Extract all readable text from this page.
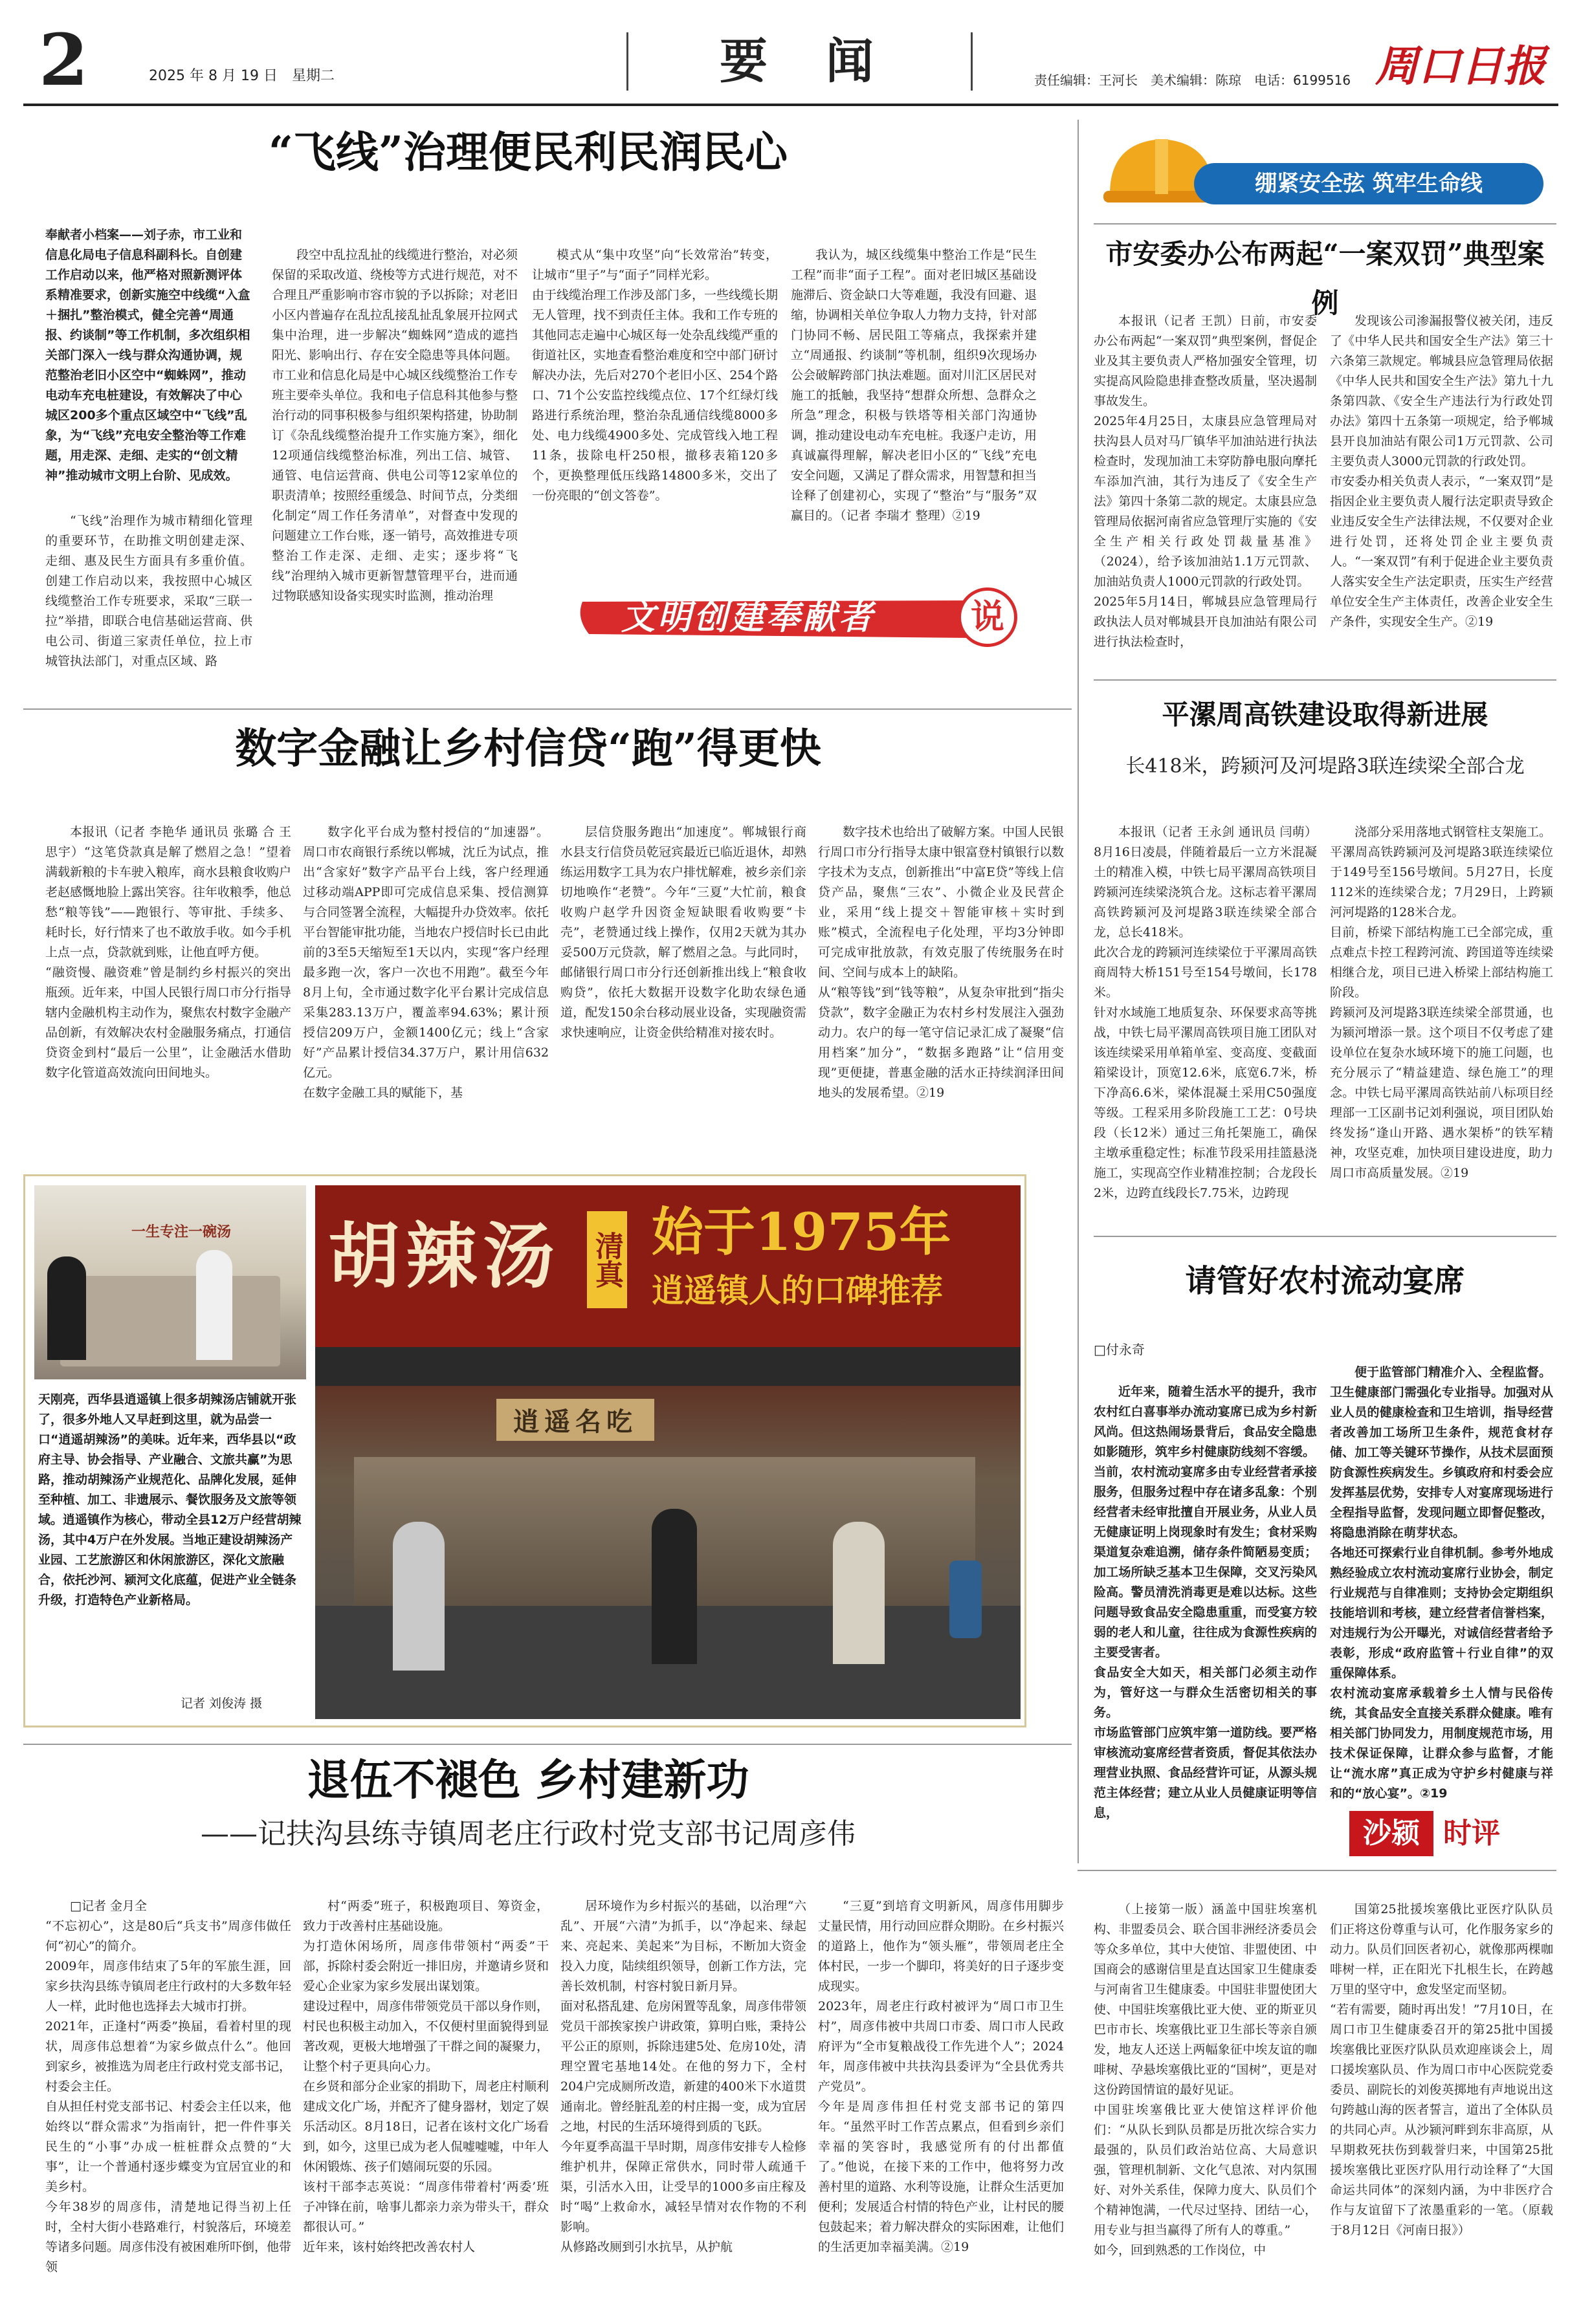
2	2025 年 8 月 19 日　星期二	要　闻	责任编辑：王河长　美术编辑：陈琼　电话：6199516 周口日报
“飞线”治理便民利民润民心
奉献者小档案——刘子赤，市工业和信息化局电子信息科副科长。自创建工作启动以来，他严格对照新测评体系精准要求，创新实施空中线缆“入盒＋捆扎”整治模式，健全完善“周通报、约谈制”等工作机制，多次组织相关部门深入一线与群众沟通协调，规范整治老旧小区空中“蜘蛛网”，推动电动车充电桩建设，有效解决了中心城区200多个重点区域空中“飞线”乱象，为“飞线”充电安全整治等工作难题，用走深、走细、走实的“创文精神”推动城市文明上台阶、见成效。

“飞线”治理作为城市精细化管理的重要环节，在助推文明创建走深、走细、惠及民生方面具有多重价值。创建工作启动以来，我按照中心城区线缆整治工作专班要求，采取“三联一拉”举措，即联合电信基础运营商、供电公司、街道三家责任单位，拉上市城管执法部门，对重点区域、路

段空中乱拉乱扯的线缆进行整治，对必须保留的采取改道、绕梭等方式进行规范，对不合理且严重影响市容市貌的予以拆除；对老旧小区内普遍存在乱拉乱接乱扯乱象展开拉网式集中治理，进一步解决“蜘蛛网”造成的遮挡阳光、影响出行、存在安全隐患等具体问题。
市工业和信息化局是中心城区线缆整治工作专班主要牵头单位。我和电子信息科其他参与整治行动的同事积极参与组织架构搭建，协助制订《杂乱线缆整治提升工作实施方案》，细化12项通信线缆整治标准，列出工信、城管、通管、电信运营商、供电公司等12家单位的职责清单；按照经重缓急、时间节点，分类细化制定“周工作任务清单”，对督查中发现的问题建立工作台账，逐一销号，高效推进专项整治工作走深、走细、走实；逐步将“飞线”治理纳入城市更新智慧管理平台，进而通过物联感知设备实现实时监测，推动治理

模式从“集中攻坚”向“长效常治”转变，让城市“里子”与“面子”同样光彩。
由于线缆治理工作涉及部门多，一些线缆长期无人管理，找不到责任主体。我和工作专班的其他同志走遍中心城区每一处杂乱线缆严重的街道社区，实地查看整治难度和空中部门研讨解决办法，先后对270个老旧小区、254个路口、71个公安监控线缆点位、17个红绿灯线路进行系统治理，整治杂乱通信线缆8000多处、电力线缆4900多处、完成管线入地工程11条，拔除电杆250根，撤移表箱120多个，更换整理低压线路14800多米，交出了一份亮眼的“创文答卷”。

我认为，城区线缆集中整治工作是“民生工程”而非“面子工程”。面对老旧城区基础设施滞后、资金缺口大等难题，我没有回避、退缩，协调相关单位争取人力物力支持，针对部门协同不畅、居民阻工等痛点，我探索并建立“周通报、约谈制”等机制，组织9次现场办公会破解跨部门执法难题。面对川汇区居民对施工的抵触，我坚持“想群众所想、急群众之所急”理念，积极与铁塔等相关部门沟通协调，推动建设电动车充电桩。我逐户走访，用真诚赢得理解，解决老旧小区的“飞线”充电安全问题，又满足了群众需求，用智慧和担当诠释了创建初心，实现了“整治”与“服务”双赢目的。（记者 李瑞才 整理）②19

文明创建奉献者	说
数字金融让乡村信贷“跑”得更快

本报讯（记者 李艳华 通讯员 张璐 合 王思宇）“这笔贷款真是解了燃眉之急！”望着满载新粮的卡车驶入粮库，商水县粮食收购户老赵感慨地脸上露出笑容。往年收粮季，他总愁“粮等钱”——跑银行、等审批、手续多、耗时长，好行情来了也不敢放手收。如今手机上点一点，贷款就到账，让他直呼方便。
“融资慢、融资难”曾是制约乡村振兴的突出瓶颈。近年来，中国人民银行周口市分行指导辖内金融机构主动作为，聚焦农村数字金融产品创新，有效解决农村金融服务痛点，打通信贷资金到村“最后一公里”，让金融活水借助数字化管道高效流向田间地头。

数字化平台成为整村授信的“加速器”。周口市农商银行系统以郸城，沈丘为试点，推出“含家好”数字产品平台上线，客户经理通过移动端APP即可完成信息采集、授信测算与合同签署全流程，大幅提升办贷效率。依托平台智能审批功能，当地农户授信时长已由此前的3至5天缩短至1天以内，实现“客户经理最多跑一次，客户一次也不用跑”。截至今年8月上旬，全市通过数字化平台累计完成信息采集283.13万户，覆盖率94.63%；累计预授信209万户，金额1400亿元；线上“含家好”产品累计授信34.37万户，累计用信632亿元。
在数字金融工具的赋能下，基

层信贷服务跑出“加速度”。郸城银行商水县支行信贷员乾冠宾最近已临近退休，却熟练运用数字工具为农户排忧解难，被乡亲们亲切地唤作“老赞”。今年“三夏”大忙前，粮食收购户赵学升因资金短缺眼看收购要“卡壳”，老赞通过线上操作，仅用2天就为其办妥500万元贷款，解了燃眉之急。与此同时，邮储银行周口市分行还创新推出线上“粮食收购贷”，依托大数据开设数字化助农绿色通道，配发150余台移动展业设备，实现融资需求快速响应，让资金供给精准对接农时。

数字技术也给出了破解方案。中国人民银行周口市分行指导太康中银富登村镇银行以数字技术为支点，创新推出“中富E贷”等线上信贷产品，聚焦“三农”、小微企业及民营企业，采用“线上提交＋智能审核＋实时到账”模式，全流程电子化处理，平均3分钟即可完成审批放款，有效克服了传统服务在时间、空间与成本上的缺陷。
从“粮等钱”到“钱等粮”，从复杂审批到“指尖贷款”，数字金融正为农村乡村发展注入强劲动力。农户的每一笔守信记录汇成了凝聚“信用档案”加分”，“数据多跑路”让“信用变现”更便捷，普惠金融的活水正持续润泽田间地头的发展希望。②19

一生专注一碗汤
天刚亮，西华县逍遥镇上很多胡辣汤店铺就开张了，很多外地人又早赶到这里，就为品尝一口“逍遥胡辣汤”的美味。近年来，西华县以“政府主导、协会指导、产业融合、文旅共赢”为思路，推动胡辣汤产业规范化、品牌化发展，延伸至种植、加工、非遗展示、餐饮服务及文旅等领域。逍遥镇作为核心，带动全县12万户经营胡辣汤，其中4万户在外发展。当地正建设胡辣汤产业园、工艺旅游区和休闲旅游区，深化文旅融合，依托沙河、颍河文化底蕴，促进产业全链条升级，打造特色产业新格局。
记者 刘俊涛 摄
胡辣汤 清真 始于1975年
逍遥镇人的口碑推荐
逍遥名吃
退伍不褪色 乡村建新功
——记扶沟县练寺镇周老庄行政村党支部书记周彦伟

□记者 金月全
“不忘初心”，这是80后“兵支书”周彦伟做任何“初心”的简介。
2009年，周彦伟结束了5年的军旅生涯，回家乡扶沟县练寺镇周老庄行政村的大多数年轻人一样，此时他也选择去大城市打拼。
2021年，正逢村“两委”换届，看着村里的现状，周彦伟总想着“为家乡做点什么”。他回到家乡，被推选为周老庄行政村党支部书记，村委会主任。
自从担任村党支部书记、村委会主任以来，他始终以“群众需求”为指南针，把一件件事关民生的“小事”办成一桩桩群众点赞的“大事”，让一个普通村逐步蝶变为宜居宜业的和美乡村。
今年38岁的周彦伟，清楚地记得当初上任时，全村大街小巷路难行，村貌落后，环境差等诸多问题。周彦伟没有被困难所吓倒，他带领

村“两委”班子，积极跑项目、筹资金，致力于改善村庄基础设施。
为打造休闲场所，周彦伟带领村“两委”干部，拆除村委会附近一排旧房，并邀请乡贤和爱心企业家为家乡发展出谋划策。
建设过程中，周彦伟带领党员干部以身作则，村民也积极主动加入，不仅便村里面貌得到显著改观，更极大地增强了干群之间的凝聚力，让整个村子更具向心力。
在乡贤和部分企业家的捐助下，周老庄村顺利建成文化广场，并配齐了健身器材，划定了娱乐活动区。8月18日，记者在该村文化广场看到，如今，这里已成为老人侃嘘嘘嘘，中年人休闲锻炼、孩子们嬉闹玩耍的乐园。
该村干部李志英说：“周彦伟带着村‘两委’班子冲锋在前，啥事儿都亲力亲为带头干，群众都很认可。”
近年来，该村始终把改善农村人

居环境作为乡村振兴的基础，以治理“六乱”、开展“六清”为抓手，以“净起来、绿起来、亮起来、美起来”为目标，不断加大资金投入力度，陆续组织领导，创新工作方法，完善长效机制，村容村貌日新月异。
面对私搭乱建、危房闲置等乱象，周彦伟带领党员干部挨家挨户讲政策，算明白账，秉持公平公正的原则，拆除违建5处、危房10处，清理空置宅基地14处。在他的努力下，全村204户完成厕所改造，新建的400米下水道贯通南北。曾经脏乱差的村庄揭一变，成为宜居之地，村民的生活环境得到质的飞跃。
今年夏季高温干旱时期，周彦伟安排专人检修维护机井，保障正常供水，同时带人疏通千渠，引活水入田，让受旱的1000多亩庄稼及时“喝”上救命水，减轻旱情对农作物的不利影响。
从修路改厕到引水抗旱，从护航

“三夏”到培育文明新风，周彦伟用脚步丈量民情，用行动回应群众期盼。在乡村振兴的道路上，他作为“领头雁”，带领周老庄全体村民，一步一个脚印，将美好的日子逐步变成现实。
2023年，周老庄行政村被评为“周口市卫生村”，周彦伟被中共周口市委、周口市人民政府评为“全市复粮战役工作先进个人”；2024年，周彦伟被中共扶沟县委评为“全县优秀共产党员”。
今年是周彦伟担任村党支部书记的第四年。“虽然平时工作苦点累点，但看到乡亲们幸福的笑容时，我感觉所有的付出都值了。”他说，在接下来的工作中，他将努力改善村里的道路、水利等设施，让群众生活更加便利；发展适合村情的特色产业，让村民的腰包鼓起来；着力解决群众的实际困难，让他们的生活更加幸福美满。②19

绷紧安全弦 筑牢生命线
市安委办公布两起“一案双罚”典型案例

本报讯（记者 王凯）日前，市安委办公布两起“一案双罚”典型案例，督促企业及其主要负责人严格加强安全管理，切实提高风险隐患排查整改质量，坚决遏制事故发生。
2025年4月25日，太康县应急管理局对扶沟县人员对马厂镇华平加油站进行执法检查时，发现加油工未穿防静电服向摩托车添加汽油，其行为违反了《安全生产法》第四十条第二款的规定。太康县应急管理局依据河南省应急管理厅实施的《安全生产相关行政处罚裁量基准》（2024），给予该加油站1.1万元罚款、加油站负责人1000元罚款的行政处罚。
2025年5月14日，郸城县应急管理局行政执法人员对郸城县开良加油站有限公司进行执法检查时，

发现该公司渗漏报警仪被关闭，违反了《中华人民共和国安全生产法》第三十六条第三款规定。郸城县应急管理局依据《中华人民共和国安全生产法》第九十九条第四款、《安全生产违法行为行政处罚办法》第四十五条第一项规定，给予郸城县开良加油站有限公司1万元罚款、公司主要负责人3000元罚款的行政处罚。
市安委办相关负责人表示，“一案双罚”是指因企业主要负责人履行法定职责导致企业违反安全生产法律法规，不仅要对企业进行处罚，还将处罚企业主要负责人。“一案双罚”有利于促进企业主要负责人落实安全生产法定职责，压实生产经营单位安全生产主体责任，改善企业安全生产条件，实现安全生产。②19

平漯周高铁建设取得新进展
长418米，跨颍河及河堤路3联连续梁全部合龙

本报讯（记者 王永剑 通讯员 闫萌）8月16日凌晨，伴随着最后一立方米混凝土的精准入模，中铁七局平漯周高铁项目跨颍河连续梁浇筑合龙。这标志着平漯周高铁跨颍河及河堤路3联连续梁全部合龙，总长418米。
此次合龙的跨颍河连续梁位于平漯周高铁商周特大桥151号至154号墩间，长178米。
针对水域施工地质复杂、环保要求高等挑战，中铁七局平漯周高铁项目施工团队对该连续梁采用单箱单室、变高度、变截面箱梁设计，顶宽12.6米，底宽6.7米，桥下净高6.6米，梁体混凝土采用C50强度等级。工程采用多阶段施工工艺：0号块段（长12米）通过三角托架施工，确保主墩承重稳定性；标准节段采用挂篮悬浇施工，实现高空作业精准控制；合龙段长2米，边跨直线段长7.75米，边跨现

浇部分采用落地式钢管柱支架施工。
平漯周高铁跨颍河及河堤路3联连续梁位于149号至156号墩间。5月27日，长度112米的连续梁合龙；7月29日，上跨颍河河堤路的128米合龙。
目前，桥梁下部结构施工已全部完成，重点难点卡控工程跨河流、跨国道等连续梁相继合龙，项目已进入桥梁上部结构施工阶段。
跨颍河及河堤路3联连续梁全部贯通，也为颍河增添一景。这个项目不仅考虑了建设单位在复杂水域环境下的施工问题，也充分展示了“精益建造、绿色施工”的理念。中铁七局平漯周高铁站前八标项目经理部一工区副书记刘利强说，项目团队始终发扬“逢山开路、遇水架桥”的铁军精神，攻坚克难，加快项目建设进度，助力周口市高质量发展。②19

请管好农村流动宴席
□付永奇

近年来，随着生活水平的提升，我市农村红白喜事举办流动宴席已成为乡村新风尚。但这热闹场景背后，食品安全隐患如影随形，筑牢乡村健康防线刻不容缓。
当前，农村流动宴席多由专业经营者承接服务，但服务过程中存在诸多乱象：个别经营者未经审批擅自开展业务，从业人员无健康证明上岗现象时有发生；食材采购渠道复杂难追溯，储存条件简陋易变质；加工场所缺乏基本卫生保障，交叉污染风险高。警员清洗消毒更是难以达标。这些问题导致食品安全隐患重重，而受宴方较弱的老人和儿童，往往成为食源性疾病的主要受害者。
食品安全大如天，相关部门必须主动作为，管好这一与群众生活密切相关的事务。
市场监管部门应筑牢第一道防线。要严格审核流动宴席经营者资质，督促其依法办理营业执照、食品经营许可证，从源头规范主体经营；建立从业人员健康证明等信息，

便于监管部门精准介入、全程监督。
卫生健康部门需强化专业指导。加强对从业人员的健康检查和卫生培训，指导经营者改善加工场所卫生条件，规范食材存储、加工等关键环节操作，从技术层面预防食源性疾病发生。乡镇政府和村委会应发挥基层优势，安排专人对宴席现场进行全程指导监督，发现问题立即督促整改，将隐患消除在萌芽状态。
各地还可探索行业自律机制。参考外地成熟经验成立农村流动宴席行业协会，制定行业规范与自律准则；支持协会定期组织技能培训和考核，建立经营者信誉档案，对违规行为公开曝光，对诚信经营者给予表彰，形成“政府监管＋行业自律”的双重保障体系。
农村流动宴席承载着乡土人情与民俗传统，其食品安全直接关系群众健康。唯有相关部门协同发力，用制度规范市场，用技术保证保障，让群众参与监督，才能让“流水席”真正成为守护乡村健康与祥和的“放心宴”。②19

沙颍 时评

（上接第一版）涵盖中国驻埃塞机构、非盟委员会、联合国非洲经济委员会等众多单位，其中大使馆、非盟使团、中国商会的感谢信里是直达国家卫生健康委与河南省卫生健康委。中国驻非盟使团大使、中国驻埃塞俄比亚大使、亚的斯亚贝巴市市长、埃塞俄比亚卫生部长等亲自颁发，地友人还送上两幅象征中埃友谊的咖啡树、孕悬埃塞俄比亚的“国树”，更是对这份跨国情谊的最好见证。
中国驻埃塞俄比亚大使馆这样评价他们：“从队长到队员都是历批次综合实力最强的，队员们政治站位高、大局意识强，管理机制新、文化气息浓、对内氛围好、对外关系佳，保障力度大、队员们个个精神饱满，一代尽过坚持、团结一心，用专业与担当赢得了所有人的尊重。”
如今，回到熟悉的工作岗位，中

国第25批援埃塞俄比亚医疗队队员们正将这份尊重与认可，化作服务家乡的动力。队员们回医者初心，就像那两棵咖啡树一样，正在阳光下扎根生长，在跨越万里的坚守中，愈发坚定而坚韧。
“若有需要，随时再出发！”7月10日，在周口市卫生健康委召开的第25批中国援埃塞俄比亚医疗队队员欢迎座谈会上，周口援埃塞队员、作为周口市中心医院党委委员、副院长的刘俊英掷地有声地说出这句跨越山海的医者誓言，道出了全体队员的共同心声。从沙颍河畔到东非高原，从早期救死扶伤到载誉归来，中国第25批援埃塞俄比亚医疗队用行动诠释了“大国命运共同体”的深刻内涵，为中非医疗合作与友谊留下了浓墨重彩的一笔。（原载于8月12日《河南日报》）
